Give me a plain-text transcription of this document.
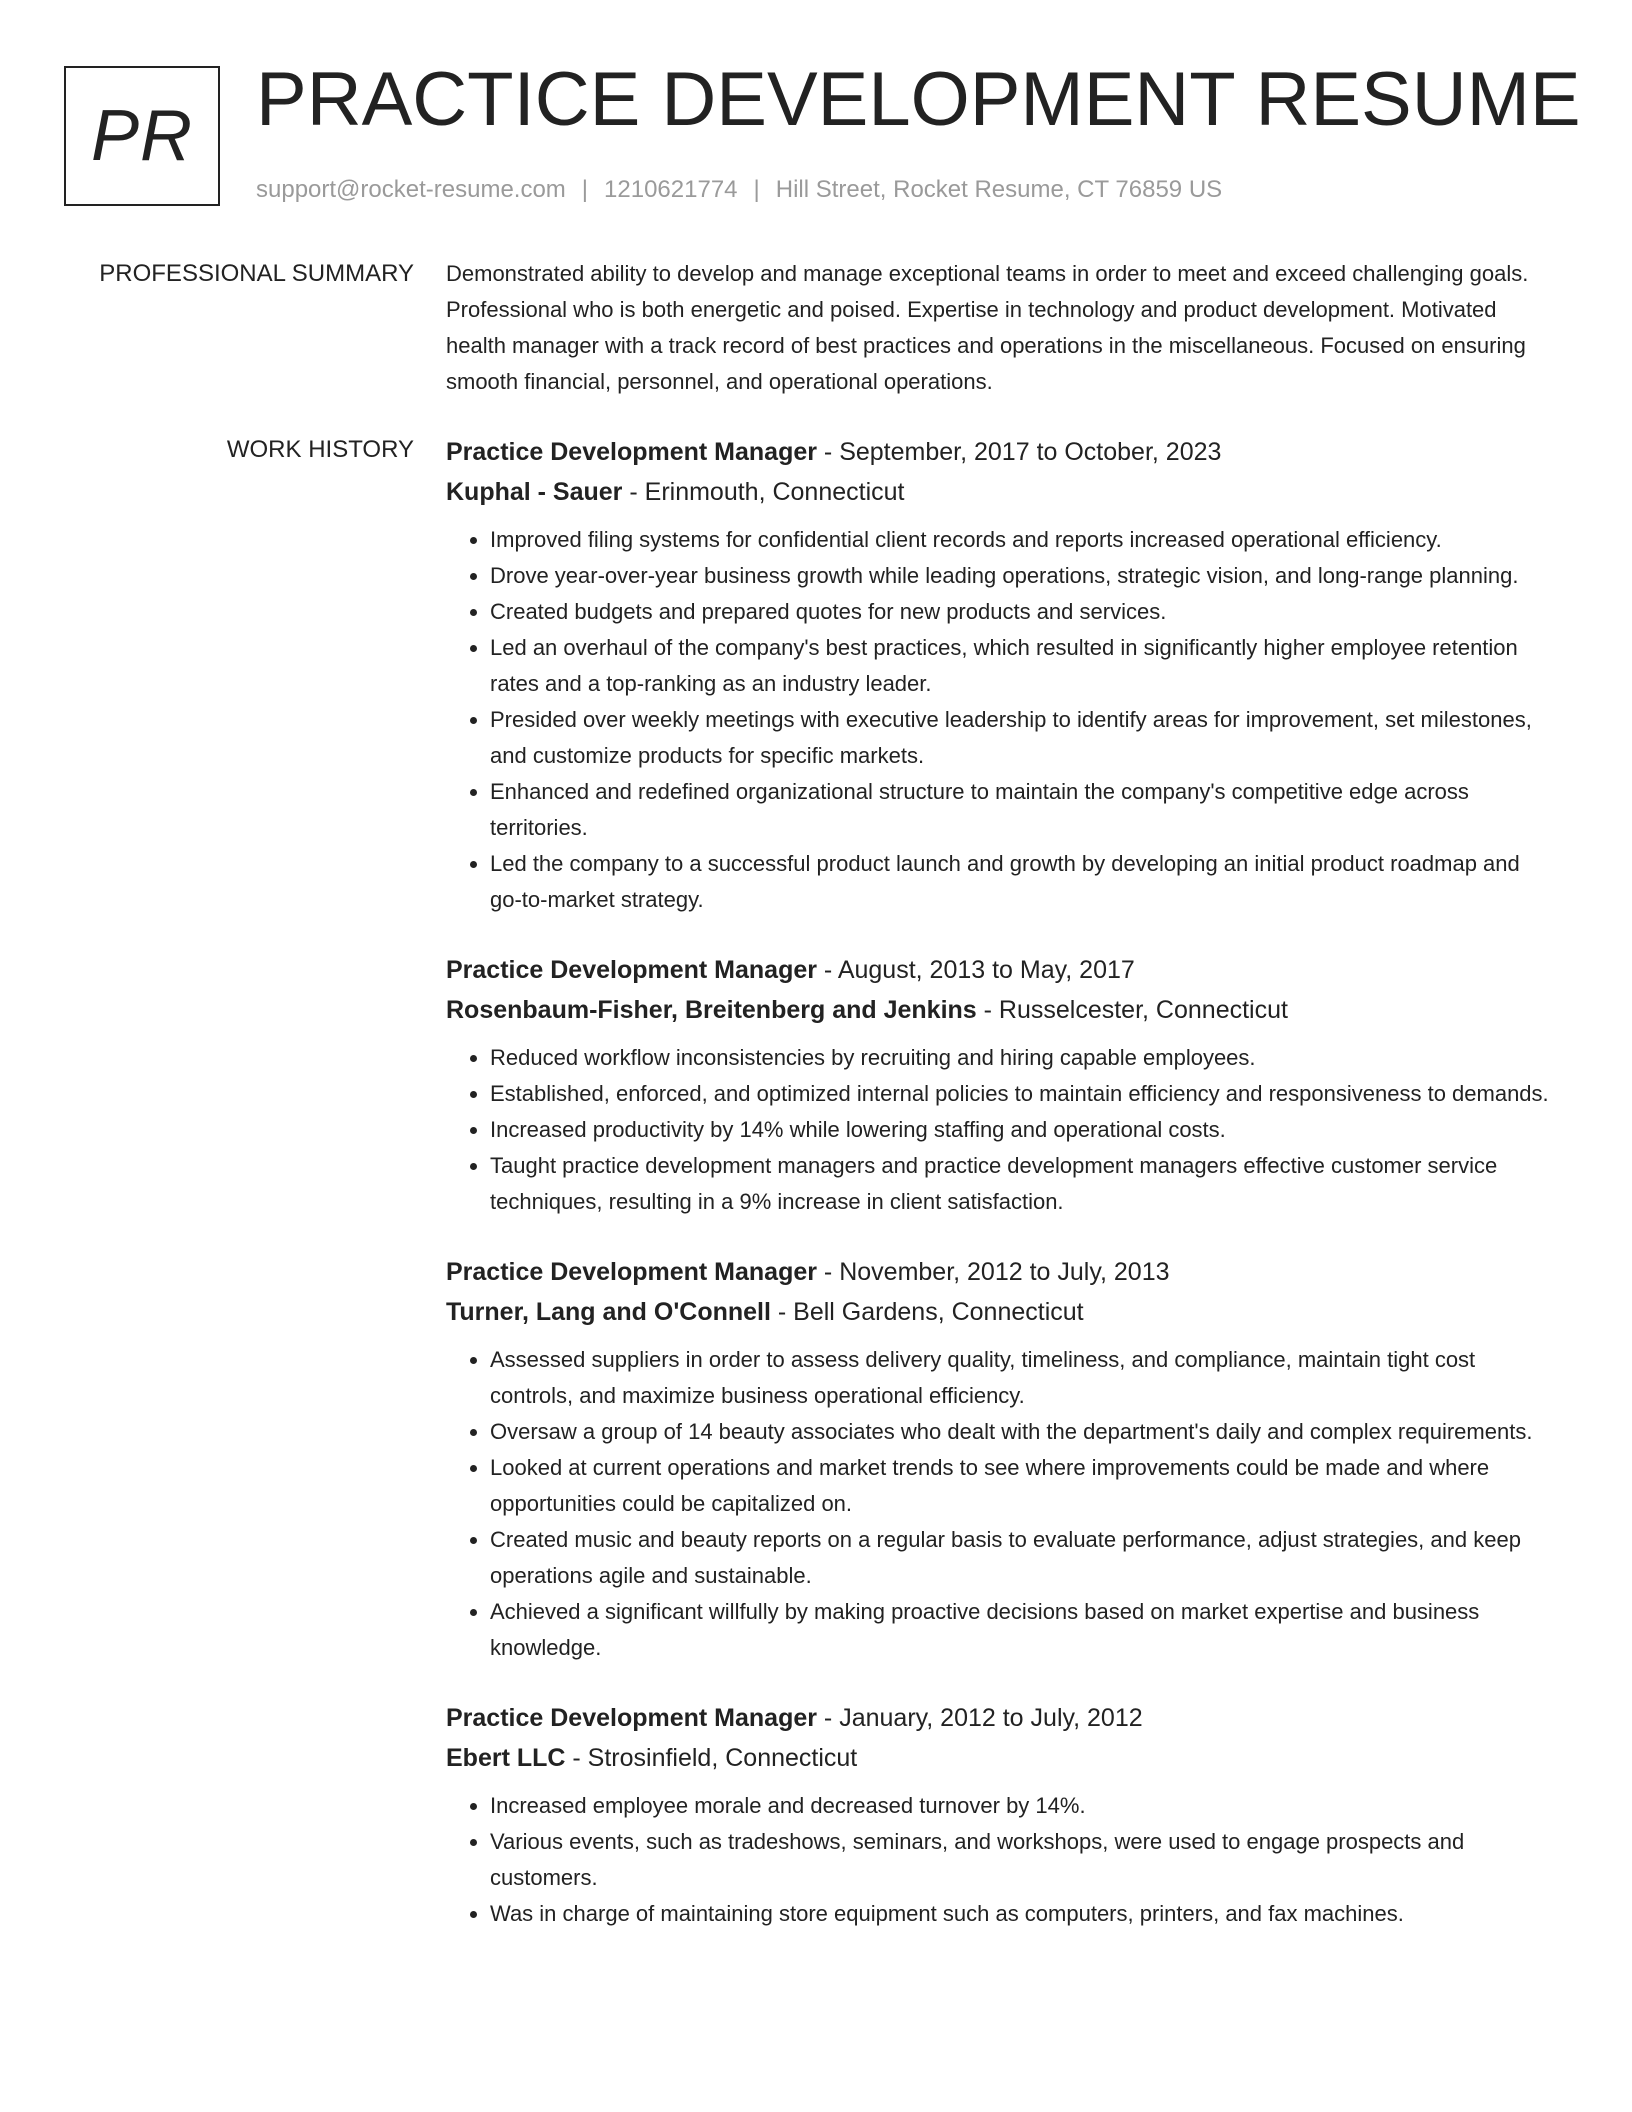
PR PRACTICE DEVELOPMENT RESUME
support@rocket-resume.com | 1210621774 | Hill Street, Rocket Resume, CT 76859 US
PROFESSIONAL SUMMARY Demonstrated ability to develop and manage exceptional teams in order to meet and exceed challenging goals. Professional who is both energetic and poised. Expertise in technology and product development. Motivated health manager with a track record of best practices and operations in the miscellaneous. Focused on ensuring smooth financial, personnel, and operational operations.

WORK HISTORY Practice Development Manager - September, 2017 to October, 2023
Kuphal - Sauer - Erinmouth, Connecticut
• Improved filing systems for confidential client records and reports increased operational efficiency.
• Drove year-over-year business growth while leading operations, strategic vision, and long-range planning.
• Created budgets and prepared quotes for new products and services.
• Led an overhaul of the company's best practices, which resulted in significantly higher employee retention rates and a top-ranking as an industry leader.
• Presided over weekly meetings with executive leadership to identify areas for improvement, set milestones, and customize products for specific markets.
• Enhanced and redefined organizational structure to maintain the company's competitive edge across territories.
• Led the company to a successful product launch and growth by developing an initial product roadmap and go-to-market strategy.
Practice Development Manager - August, 2013 to May, 2017
Rosenbaum-Fisher, Breitenberg and Jenkins - Russelcester, Connecticut
• Reduced workflow inconsistencies by recruiting and hiring capable employees.
• Established, enforced, and optimized internal policies to maintain efficiency and responsiveness to demands.
• Increased productivity by 14% while lowering staffing and operational costs.
• Taught practice development managers and practice development managers effective customer service techniques, resulting in a 9% increase in client satisfaction.
Practice Development Manager - November, 2012 to July, 2013
Turner, Lang and O'Connell - Bell Gardens, Connecticut
• Assessed suppliers in order to assess delivery quality, timeliness, and compliance, maintain tight cost controls, and maximize business operational efficiency.
• Oversaw a group of 14 beauty associates who dealt with the department's daily and complex requirements.
• Looked at current operations and market trends to see where improvements could be made and where opportunities could be capitalized on.
• Created music and beauty reports on a regular basis to evaluate performance, adjust strategies, and keep operations agile and sustainable.
• Achieved a significant willfully by making proactive decisions based on market expertise and business knowledge.
Practice Development Manager - January, 2012 to July, 2012
Ebert LLC - Strosinfield, Connecticut
• Increased employee morale and decreased turnover by 14%.
• Various events, such as tradeshows, seminars, and workshops, were used to engage prospects and customers.
• Was in charge of maintaining store equipment such as computers, printers, and fax machines.
